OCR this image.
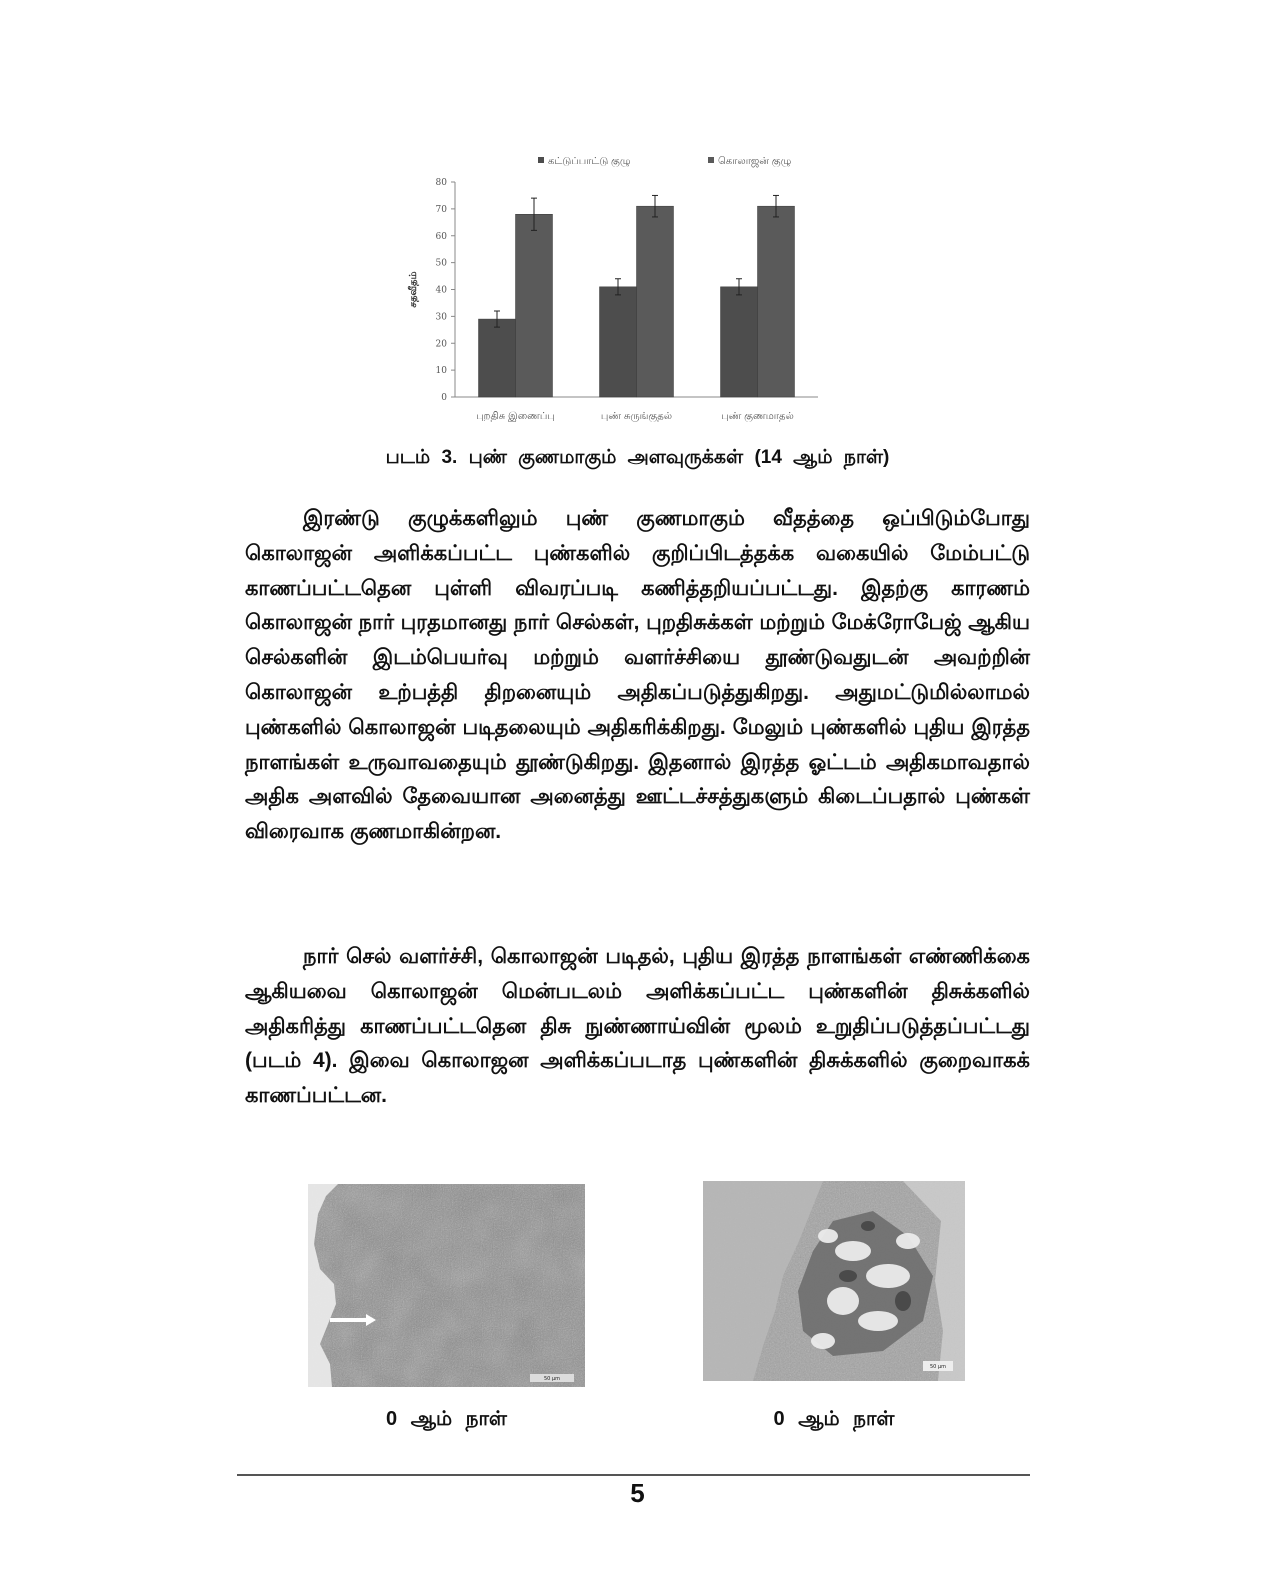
0
10
20
30
40
50
60
70
80
சதவீதம்
புறதிசு இணைப்பு	புண் சுருங்குதல்	புண் குணமாதல்
கட்டுப்பாட்டு குழு	கொலாஜன் குழு
படம் 3. புண் குணமாகும் அளவுருக்கள் (14 ஆம் நாள்)

இரண்டு குழுக்களிலும் புண் குணமாகும் வீதத்தை ஒப்பிடும்போது கொலாஜன் அளிக்கப்பட்ட புண்களில் குறிப்பிடத்தக்க வகையில் மேம்பட்டு காணப்பட்டதென புள்ளி விவரப்படி கணித்தறியப்பட்டது. இதற்கு காரணம் கொலாஜன் நார் புரதமானது நார் செல்கள், புறதிசுக்கள் மற்றும் மேக்ரோபேஜ் ஆகிய செல்களின் இடம்பெயர்வு மற்றும் வளர்ச்சியை தூண்டுவதுடன் அவற்றின் கொலாஜன் உற்பத்தி திறனையும் அதிகப்படுத்துகிறது. அதுமட்டுமில்லாமல் புண்களில் கொலாஜன் படிதலையும் அதிகரிக்கிறது. மேலும் புண்களில் புதிய இரத்த நாளங்கள் உருவாவதையும் தூண்டுகிறது. இதனால் இரத்த ஓட்டம் அதிகமாவதால் அதிக அளவில் தேவையான அனைத்து ஊட்டச்சத்துகளும் கிடைப்பதால் புண்கள் விரைவாக குணமாகின்றன.

நார் செல் வளர்ச்சி, கொலாஜன் படிதல், புதிய இரத்த நாளங்கள் எண்ணிக்கை ஆகியவை கொலாஜன் மென்படலம் அளிக்கப்பட்ட புண்களின் திசுக்களில் அதிகரித்து காணப்பட்டதென திசு நுண்ணாய்வின் மூலம் உறுதிப்படுத்தப்பட்டது (படம் 4). இவை கொலாஜன அளிக்கப்படாத புண்களின் திசுக்களில் குறைவாகக் காணப்பட்டன.

50 µm
0 ஆம் நாள்
50 µm
0 ஆம் நாள்
5
